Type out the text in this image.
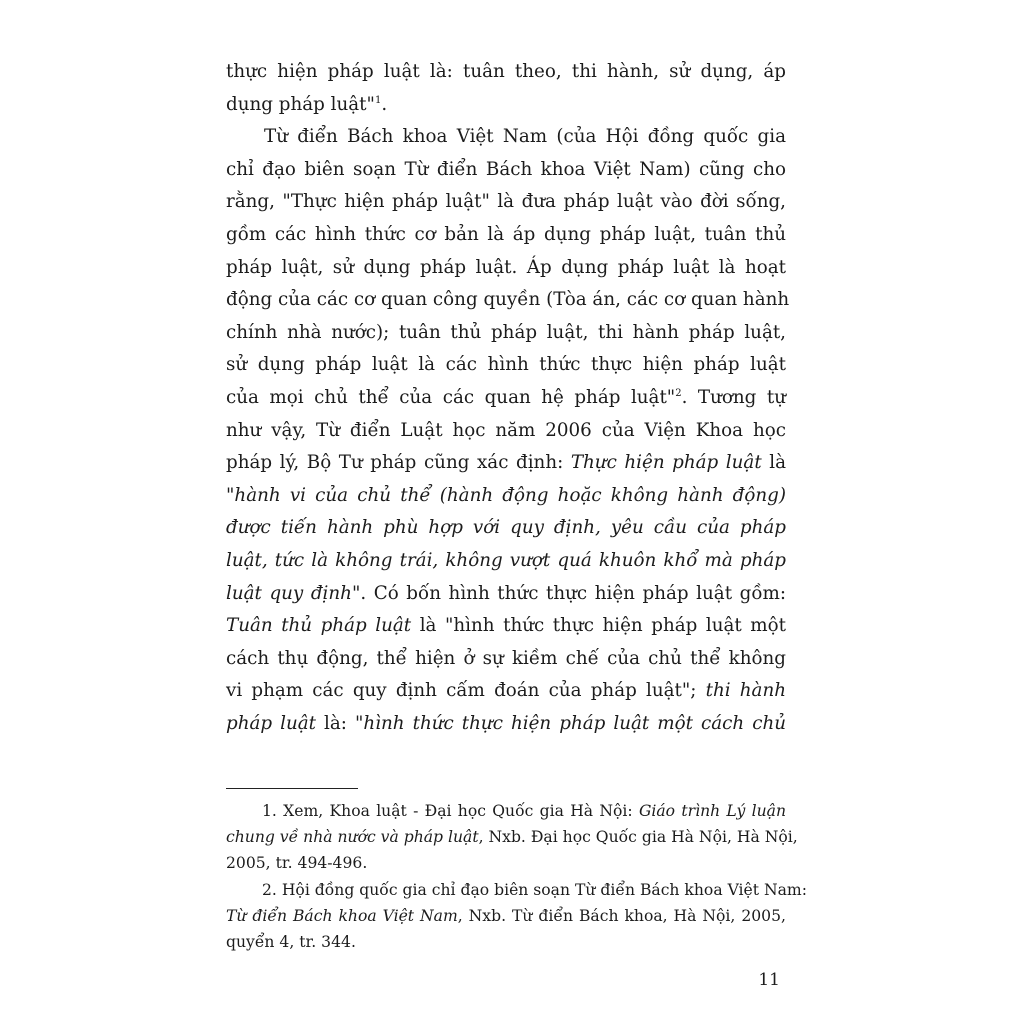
thực hiện pháp luật là: tuân theo, thi hành, sử dụng, áp
dụng pháp luật"$^1$.
Từ điển Bách khoa Việt Nam (của Hội đồng quốc gia
chỉ đạo biên soạn Từ điển Bách khoa Việt Nam) cũng cho
rằng, "Thực hiện pháp luật" là đưa pháp luật vào đời sống,
gồm các hình thức cơ bản là áp dụng pháp luật, tuân thủ
pháp luật, sử dụng pháp luật. Áp dụng pháp luật là hoạt
động của các cơ quan công quyền (Tòa án, các cơ quan hành
chính nhà nước); tuân thủ pháp luật, thi hành pháp luật,
sử dụng pháp luật là các hình thức thực hiện pháp luật
của mọi chủ thể của các quan hệ pháp luật"$^2$. Tương tự
như vậy, Từ điển Luật học năm 2006 của Viện Khoa học
pháp lý, Bộ Tư pháp cũng xác định: Thực hiện pháp luật là
"hành vi của chủ thể (hành động hoặc không hành động)
được tiến hành phù hợp với quy định, yêu cầu của pháp
luật, tức là không trái, không vượt quá khuôn khổ mà pháp
luật quy định". Có bốn hình thức thực hiện pháp luật gồm:
Tuân thủ pháp luật là "hình thức thực hiện pháp luật một
cách thụ động, thể hiện ở sự kiềm chế của chủ thể không
vi phạm các quy định cấm đoán của pháp luật"; thi hành
pháp luật là: "hình thức thực hiện pháp luật một cách chủ
1. Xem, Khoa luật - Đại học Quốc gia Hà Nội: Giáo trình Lý luận
chung về nhà nước và pháp luật, Nxb. Đại học Quốc gia Hà Nội, Hà Nội,
2005, tr. 494-496.
2. Hội đồng quốc gia chỉ đạo biên soạn Từ điển Bách khoa Việt Nam:
Từ điển Bách khoa Việt Nam, Nxb. Từ điển Bách khoa, Hà Nội, 2005,
quyển 4, tr. 344.
11
